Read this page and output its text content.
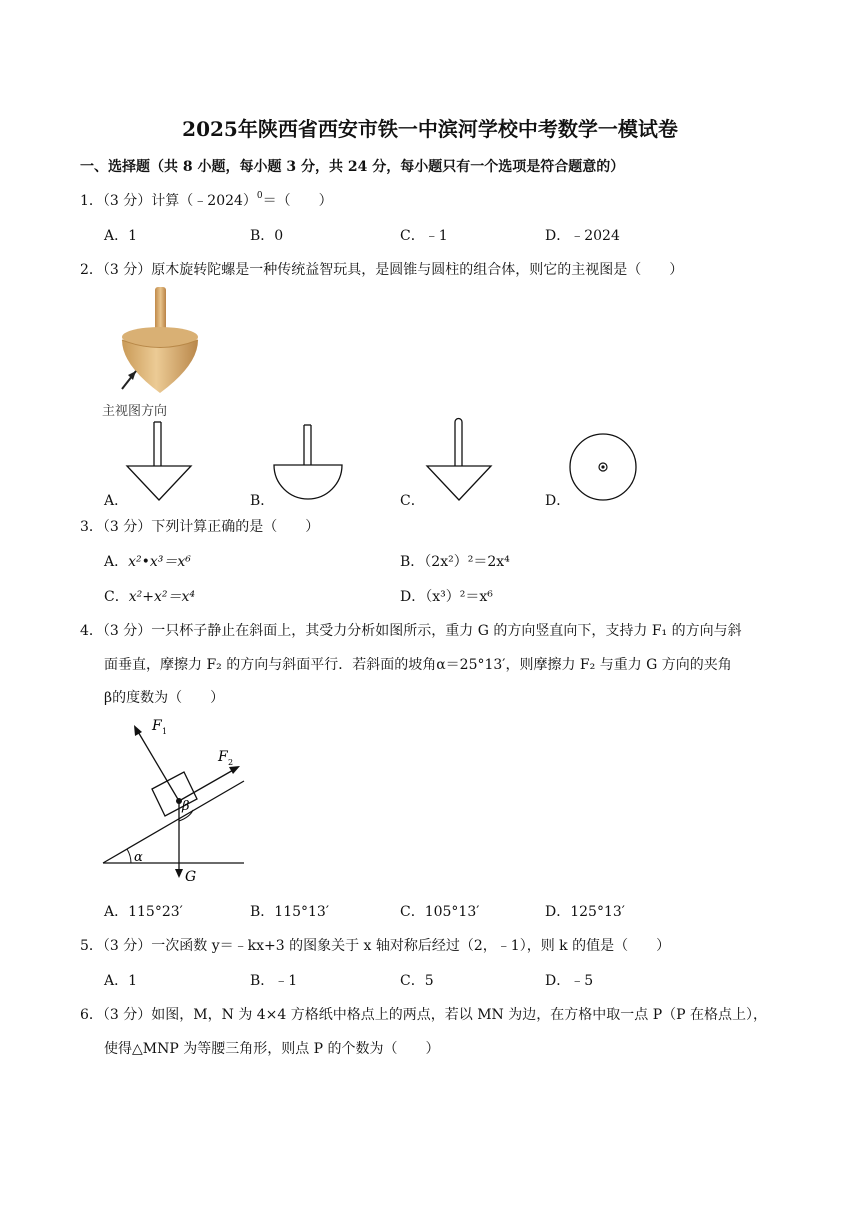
2025年陕西省西安市铁一中滨河学校中考数学一模试卷
一、选择题（共 8 小题，每小题 3 分，共 24 分，每小题只有一个选项是符合题意的）
1．（3 分）计算（﹣2024）$^0$＝（　　）
A．1	B．0	C．﹣1	D．﹣2024
2．（3 分）原木旋转陀螺是一种传统益智玩具，是圆锥与圆柱的组合体，则它的主视图是（　　）
主视图方向
A．	B．	C．	D．
3．（3 分）下列计算正确的是（　　）
A．x²•x³＝x⁶	B．（2x²）²＝2x⁴
C．x²+x²＝x⁴	D．（x³）²＝x⁶
4．（3 分）一只杯子静止在斜面上，其受力分析如图所示，重力 G 的方向竖直向下，支持力 F₁ 的方向与斜
面垂直，摩擦力 F₂ 的方向与斜面平行．若斜面的坡角α＝25°13′，则摩擦力 F₂ 与重力 G 方向的夹角
β的度数为（　　）
F 1
F 2
β
α
G
A．115°23′	B．115°13′	C．105°13′	D．125°13′
5．（3 分）一次函数 y＝﹣kx+3 的图象关于 x 轴对称后经过（2，﹣1），则 k 的值是（　　）
A．1	B．﹣1	C．5	D．﹣5
6．（3 分）如图，M，N 为 4×4 方格纸中格点上的两点，若以 MN 为边，在方格中取一点 P（P 在格点上），
使得△MNP 为等腰三角形，则点 P 的个数为（　　）
